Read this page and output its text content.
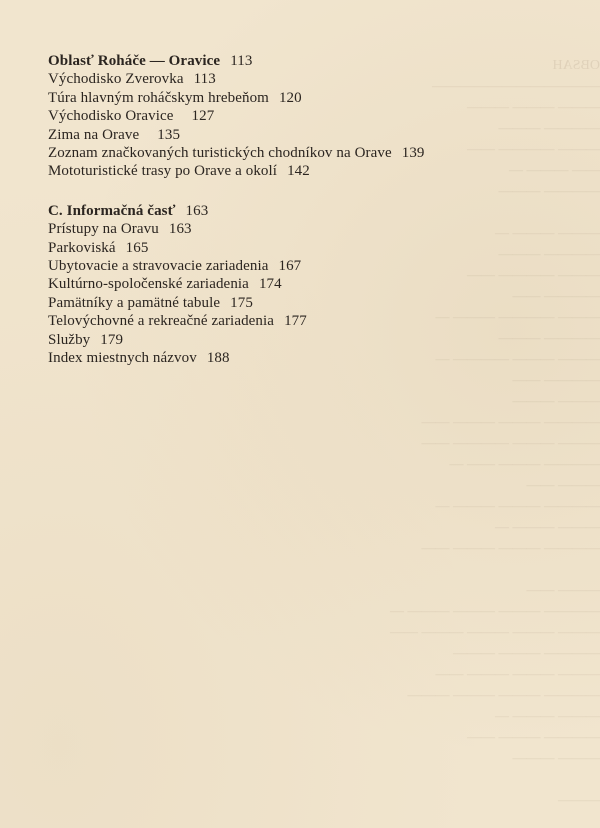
OBSAH
————————————
——— ——— ———
———— ———
——— ———— ——
—— ——— —
———— ———

——— ——— —
———— ———
——— ———— ——
———— ——
——— ———— ——— —
———— ———
——— ——— ———— —
———— ——
——— ———
———— ——— ——— ——
——— ——— ———— ——
———— ——— —— —
——— ——
———— ——— ——— —
——— ——— —
———— ——— ——— ——

——— ——
———— ——— ——— ——— —
——— ——— ——— ——— ——
———— ——— ———
——— ——— ——— ——
———— ——— ——— ———
——— ——— —
———— ——— ——
——— ———

———
Oblasť Roháče — Oravice 113
Východisko Zverovka 113
Túra hlavným roháčskym hrebeňom 120
Východisko Oravice 127
Zima na Orave 135
Zoznam značkovaných turistických chodníkov na Orave 139
Mototuristické trasy po Orave a okolí 142
C. Informačná časť 163
Prístupy na Oravu 163
Parkoviská 165
Ubytovacie a stravovacie zariadenia 167
Kultúrno-spoločenské zariadenia 174
Pamätníky a pamätné tabule 175
Telovýchovné a rekreačné zariadenia 177
Služby 179
Index miestnych názvov 188
